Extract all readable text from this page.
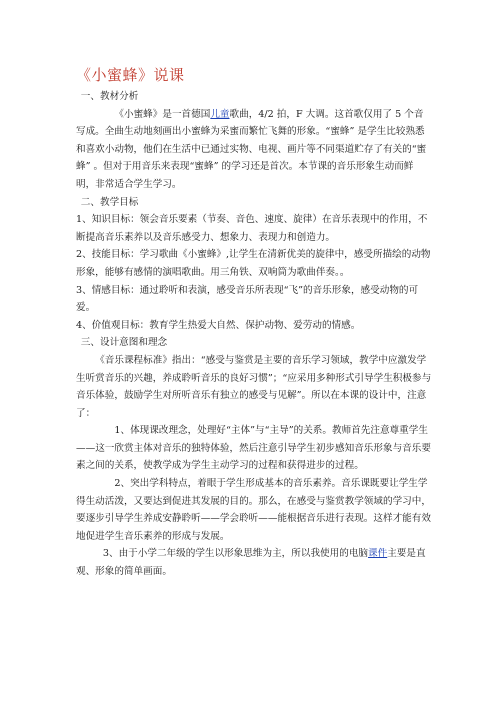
《小蜜蜂》说课

一、教材分析

《小蜜蜂》是一首德国儿童歌曲，4/2 拍，F 大调。这首歌仅用了 5 个音写成。全曲生动地刻画出小蜜蜂为采蜜而繁忙飞舞的形象。“蜜蜂” 是学生比较熟悉和喜欢小动物，他们在生活中已通过实物、电视、画片等不同渠道贮存了有关的“蜜蜂” 。但对于用音乐来表现“蜜蜂” 的学习还是首次。本节课的音乐形象生动而鲜明，非常适合学生学习。

二、教学目标

1、知识目标：领会音乐要素（节奏、音色、速度、旋律）在音乐表现中的作用，不断提高音乐素养以及音乐感受力、想象力、表现力和创造力。

2、技能目标：学习歌曲《小蜜蜂》,让学生在清新优美的旋律中，感受所描绘的动物形象，能够有感情的演唱歌曲。用三角铁、双响筒为歌曲伴奏。。

3、情感目标：通过聆听和表演，感受音乐所表现“飞”的音乐形象，感受动物的可爱。

4、价值观目标：教育学生热爱大自然、保护动物、爱劳动的情感。

三、设计意图和理念

《音乐课程标准》指出：“感受与鉴赏是主要的音乐学习领域，教学中应激发学生听赏音乐的兴趣，养成聆听音乐的良好习惯”；“应采用多种形式引导学生积极参与音乐体验，鼓励学生对所听音乐有独立的感受与见解”。所以在本课的设计中，注意了：

1、体现课改理念，处理好“主体”与“主导”的关系。教师首先注意尊重学生——这一欣赏主体对音乐的独特体验，然后注意引导学生初步感知音乐形象与音乐要素之间的关系，使教学成为学生主动学习的过程和获得进步的过程。

2、突出学科特点，着眼于学生形成基本的音乐素养。音乐课既要让学生学得生动活泼，又要达到促进其发展的目的。那么，在感受与鉴赏教学领域的学习中，要逐步引导学生养成安静聆听——学会聆听——能根据音乐进行表现。这样才能有效地促进学生音乐素养的形成与发展。

3、由于小学二年级的学生以形象思维为主，所以我使用的电脑课件主要是直观、形象的简单画面。
